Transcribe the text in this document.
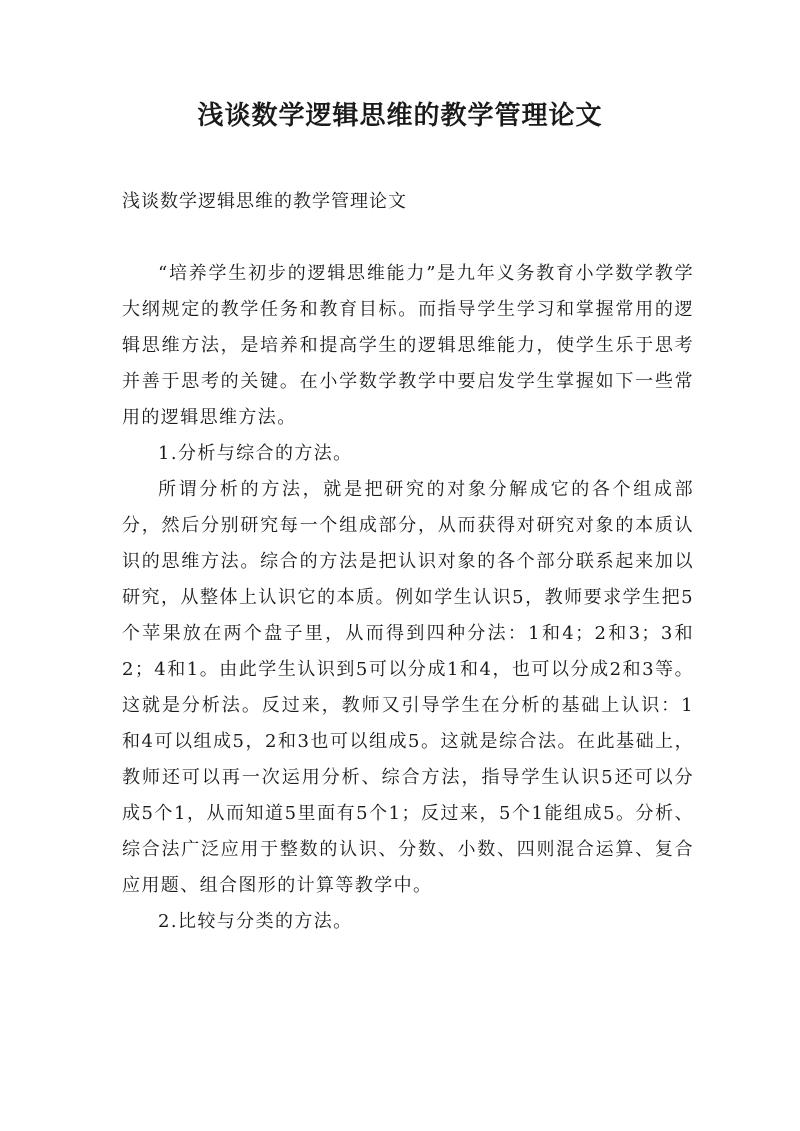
浅谈数学逻辑思维的教学管理论文

浅谈数学逻辑思维的教学管理论文

“培养学生初步的逻辑思维能力”是九年义务教育小学数学教学大纲规定的教学任务和教育目标。而指导学生学习和掌握常用的逻辑思维方法，是培养和提高学生的逻辑思维能力，使学生乐于思考并善于思考的关键。在小学数学教学中要启发学生掌握如下一些常用的逻辑思维方法。

1.分析与综合的方法。

所谓分析的方法，就是把研究的对象分解成它的各个组成部分，然后分别研究每一个组成部分，从而获得对研究对象的本质认识的思维方法。综合的方法是把认识对象的各个部分联系起来加以研究，从整体上认识它的本质。例如学生认识5，教师要求学生把5个苹果放在两个盘子里，从而得到四种分法：1和4；2和3；3和2；4和1。由此学生认识到5可以分成1和4，也可以分成2和3等。这就是分析法。反过来，教师又引导学生在分析的基础上认识：1和4可以组成5，2和3也可以组成5。这就是综合法。在此基础上，教师还可以再一次运用分析、综合方法，指导学生认识5还可以分成5个1，从而知道5里面有5个1；反过来，5个1能组成5。分析、综合法广泛应用于整数的认识、分数、小数、四则混合运算、复合应用题、组合图形的计算等教学中。

2.比较与分类的方法。
